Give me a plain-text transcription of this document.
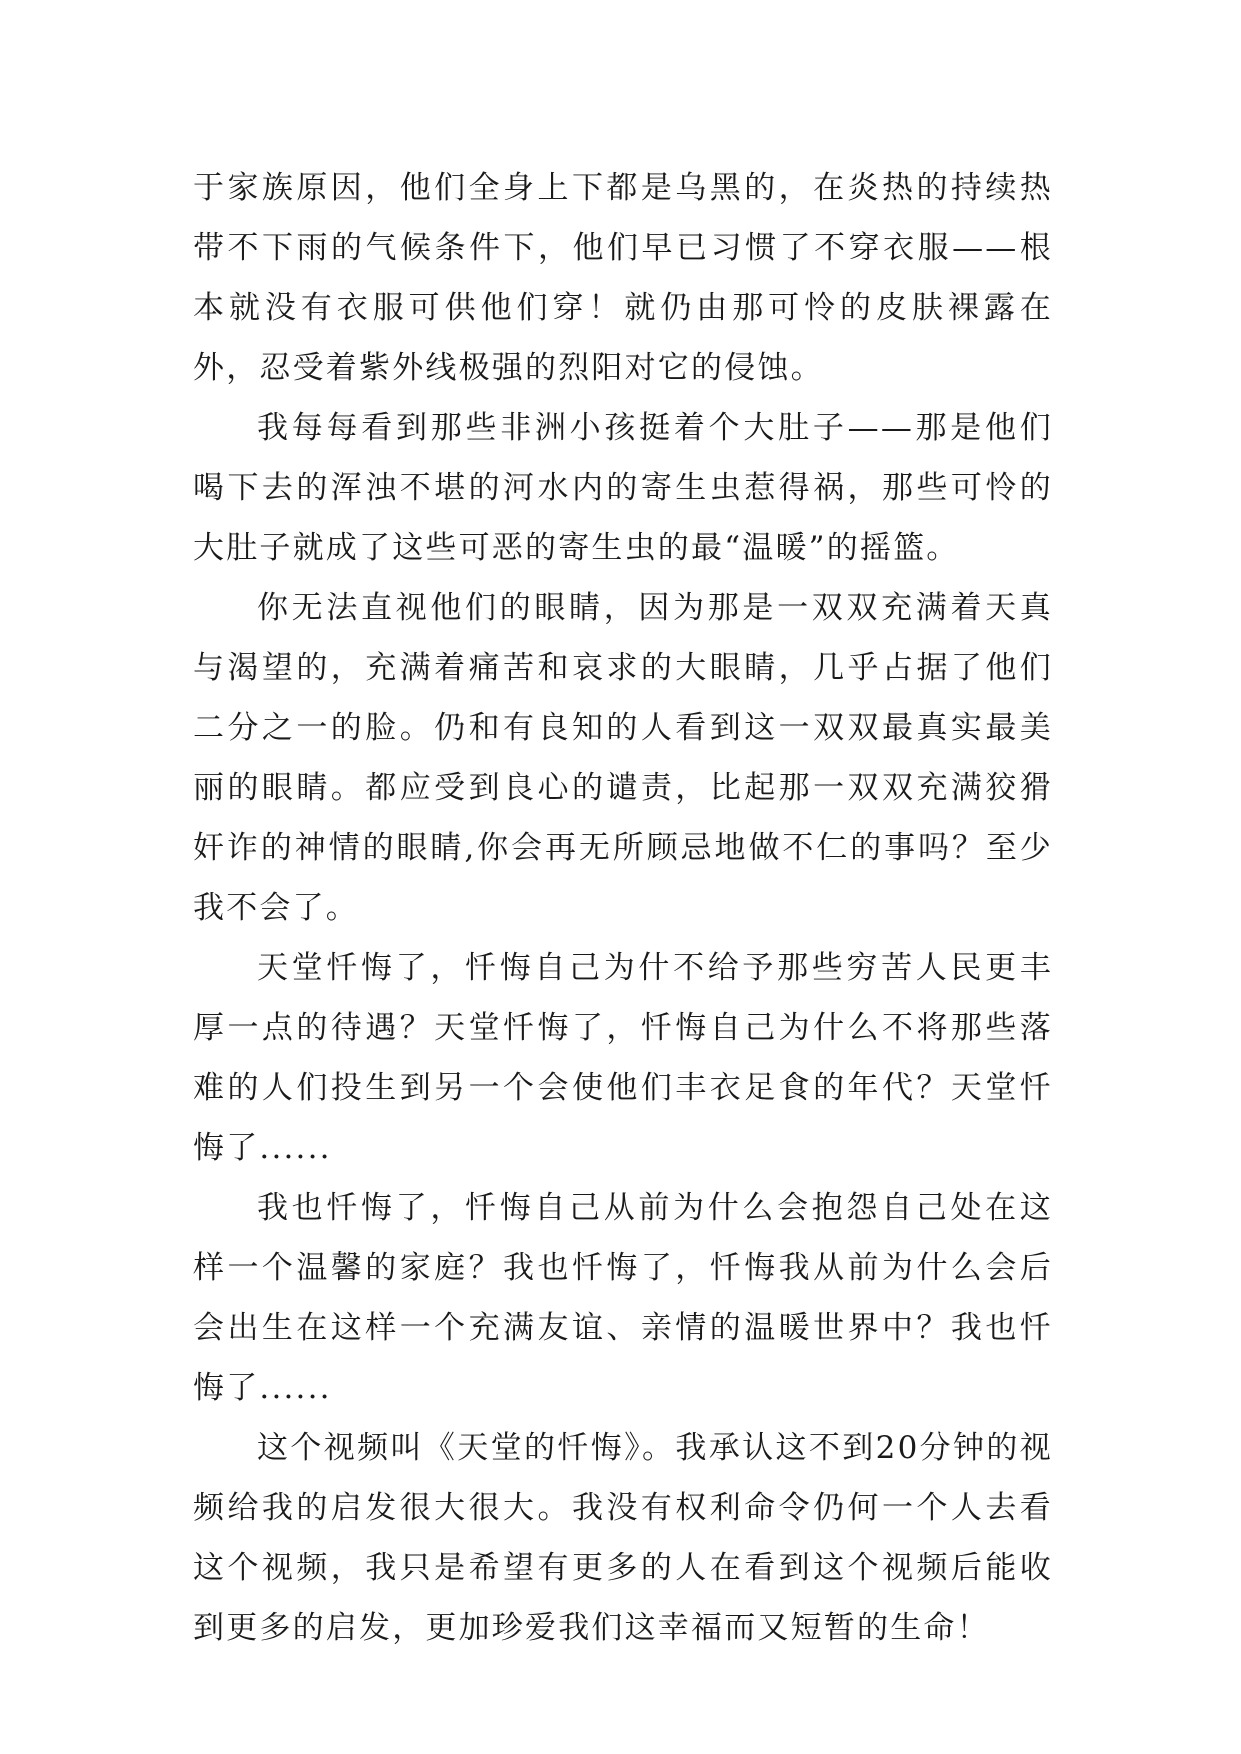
于家族原因，他们全身上下都是乌黑的，在炎热的持续热带不下雨的气候条件下，他们早已习惯了不穿衣服——根本就没有衣服可供他们穿！就仍由那可怜的皮肤裸露在外，忍受着紫外线极强的烈阳对它的侵蚀。

我每每看到那些非洲小孩挺着个大肚子——那是他们喝下去的浑浊不堪的河水内的寄生虫惹得祸，那些可怜的大肚子就成了这些可恶的寄生虫的最“温暖”的摇篮。

你无法直视他们的眼睛，因为那是一双双充满着天真与渴望的，充满着痛苦和哀求的大眼睛，几乎占据了他们二分之一的脸。仍和有良知的人看到这一双双最真实最美丽的眼睛。都应受到良心的谴责，比起那一双双充满狡猾奸诈的神情的眼睛,你会再无所顾忌地做不仁的事吗？至少我不会了。

天堂忏悔了，忏悔自己为什不给予那些穷苦人民更丰厚一点的待遇？天堂忏悔了，忏悔自己为什么不将那些落难的人们投生到另一个会使他们丰衣足食的年代？天堂忏悔了......

我也忏悔了，忏悔自己从前为什么会抱怨自己处在这样一个温馨的家庭？我也忏悔了，忏悔我从前为什么会后会出生在这样一个充满友谊、亲情的温暖世界中？我也忏悔了......

这个视频叫《天堂的忏悔》。我承认这不到20分钟的视频给我的启发很大很大。我没有权利命令仍何一个人去看这个视频，我只是希望有更多的人在看到这个视频后能收到更多的启发，更加珍爱我们这幸福而又短暂的生命！
